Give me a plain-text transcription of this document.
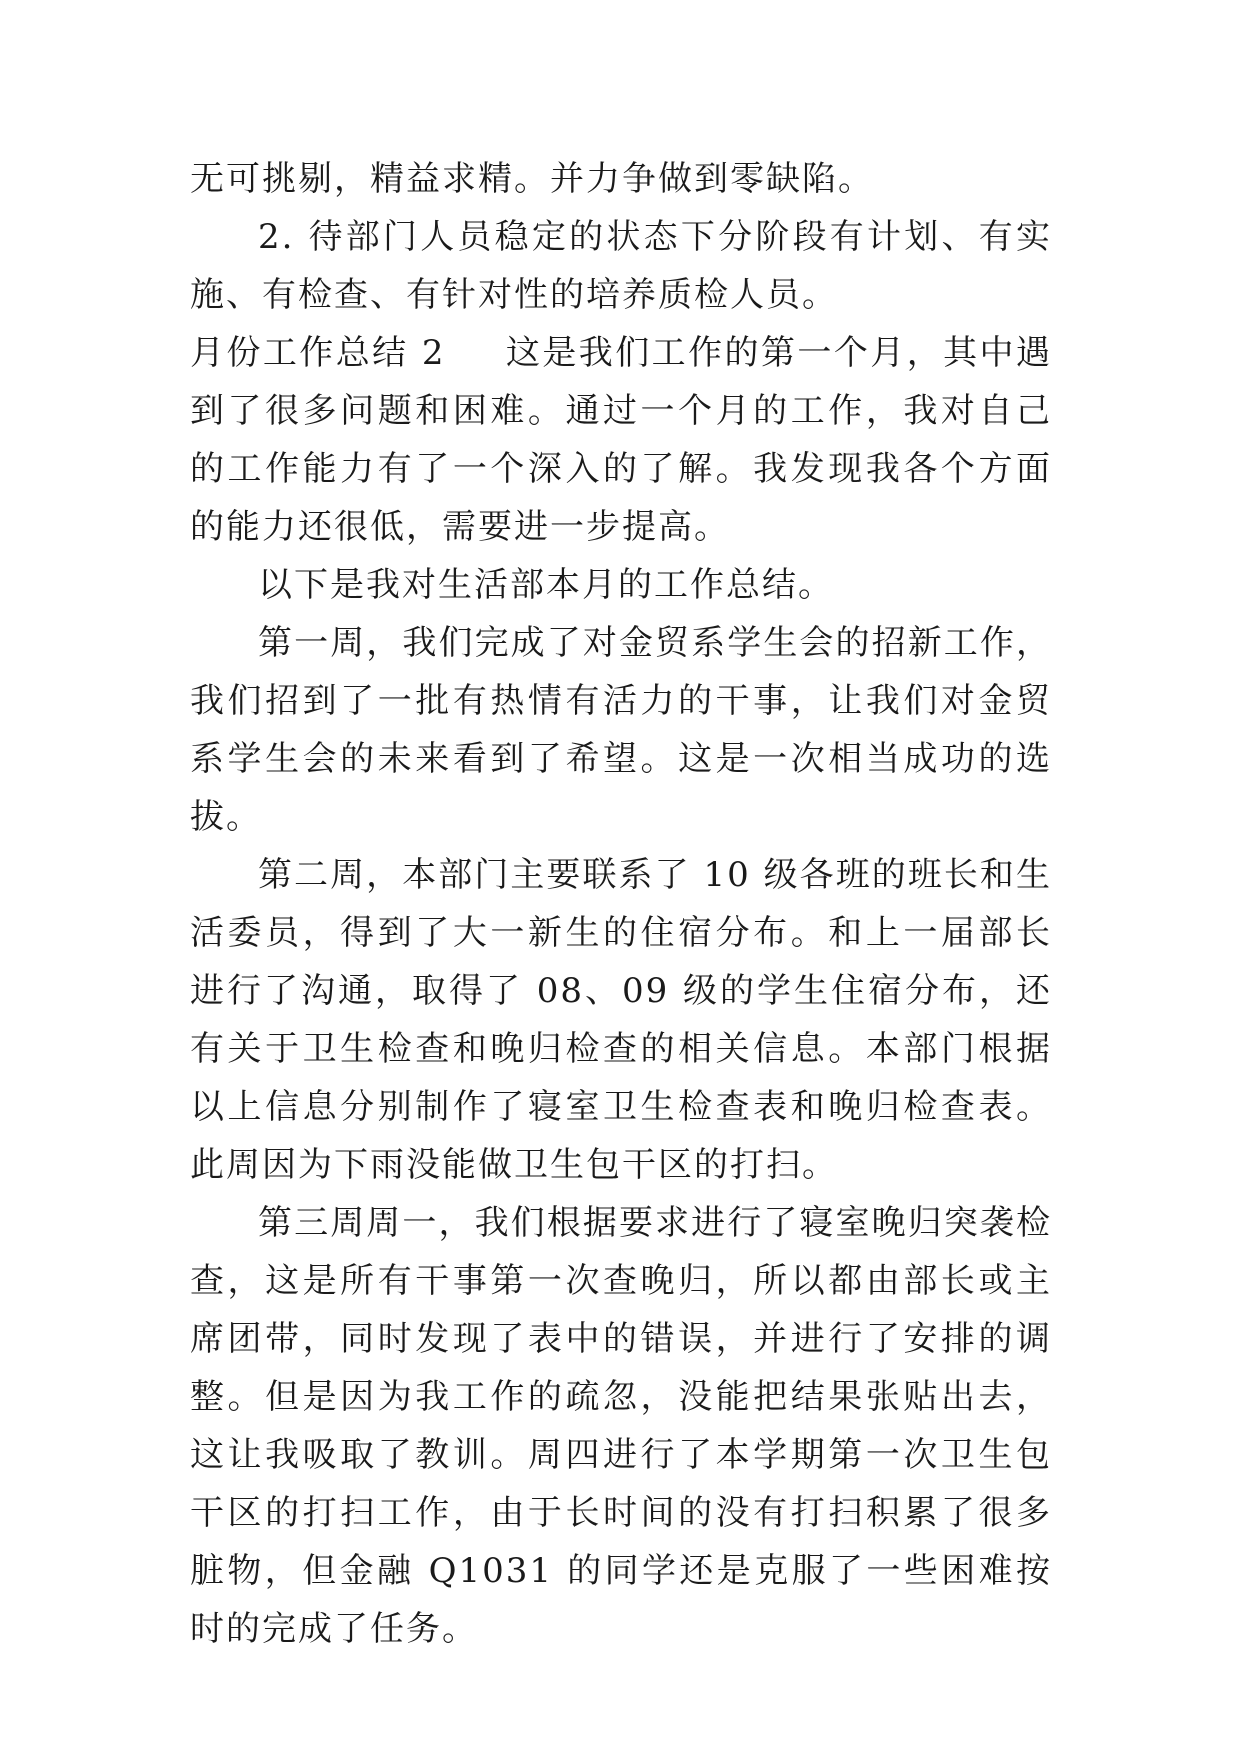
无可挑剔，精益求精。并力争做到零缺陷。

2. 待部门人员稳定的状态下分阶段有计划、有实施、有检查、有针对性的培养质检人员。

月份工作总结 2 这是我们工作的第一个月，其中遇到了很多问题和困难。通过一个月的工作，我对自己的工作能力有了一个深入的了解。我发现我各个方面的能力还很低，需要进一步提高。

以下是我对生活部本月的工作总结。

第一周，我们完成了对金贸系学生会的招新工作，我们招到了一批有热情有活力的干事，让我们对金贸系学生会的未来看到了希望。这是一次相当成功的选拔。

第二周，本部门主要联系了 10 级各班的班长和生活委员，得到了大一新生的住宿分布。和上一届部长进行了沟通，取得了 08、09 级的学生住宿分布，还有关于卫生检查和晚归检查的相关信息。本部门根据以上信息分别制作了寝室卫生检查表和晚归检查表。此周因为下雨没能做卫生包干区的打扫。

第三周周一，我们根据要求进行了寝室晚归突袭检查，这是所有干事第一次查晚归，所以都由部长或主席团带，同时发现了表中的错误，并进行了安排的调整。但是因为我工作的疏忽，没能把结果张贴出去，这让我吸取了教训。周四进行了本学期第一次卫生包干区的打扫工作，由于长时间的没有打扫积累了很多脏物，但金融 Q1031 的同学还是克服了一些困难按时的完成了任务。
